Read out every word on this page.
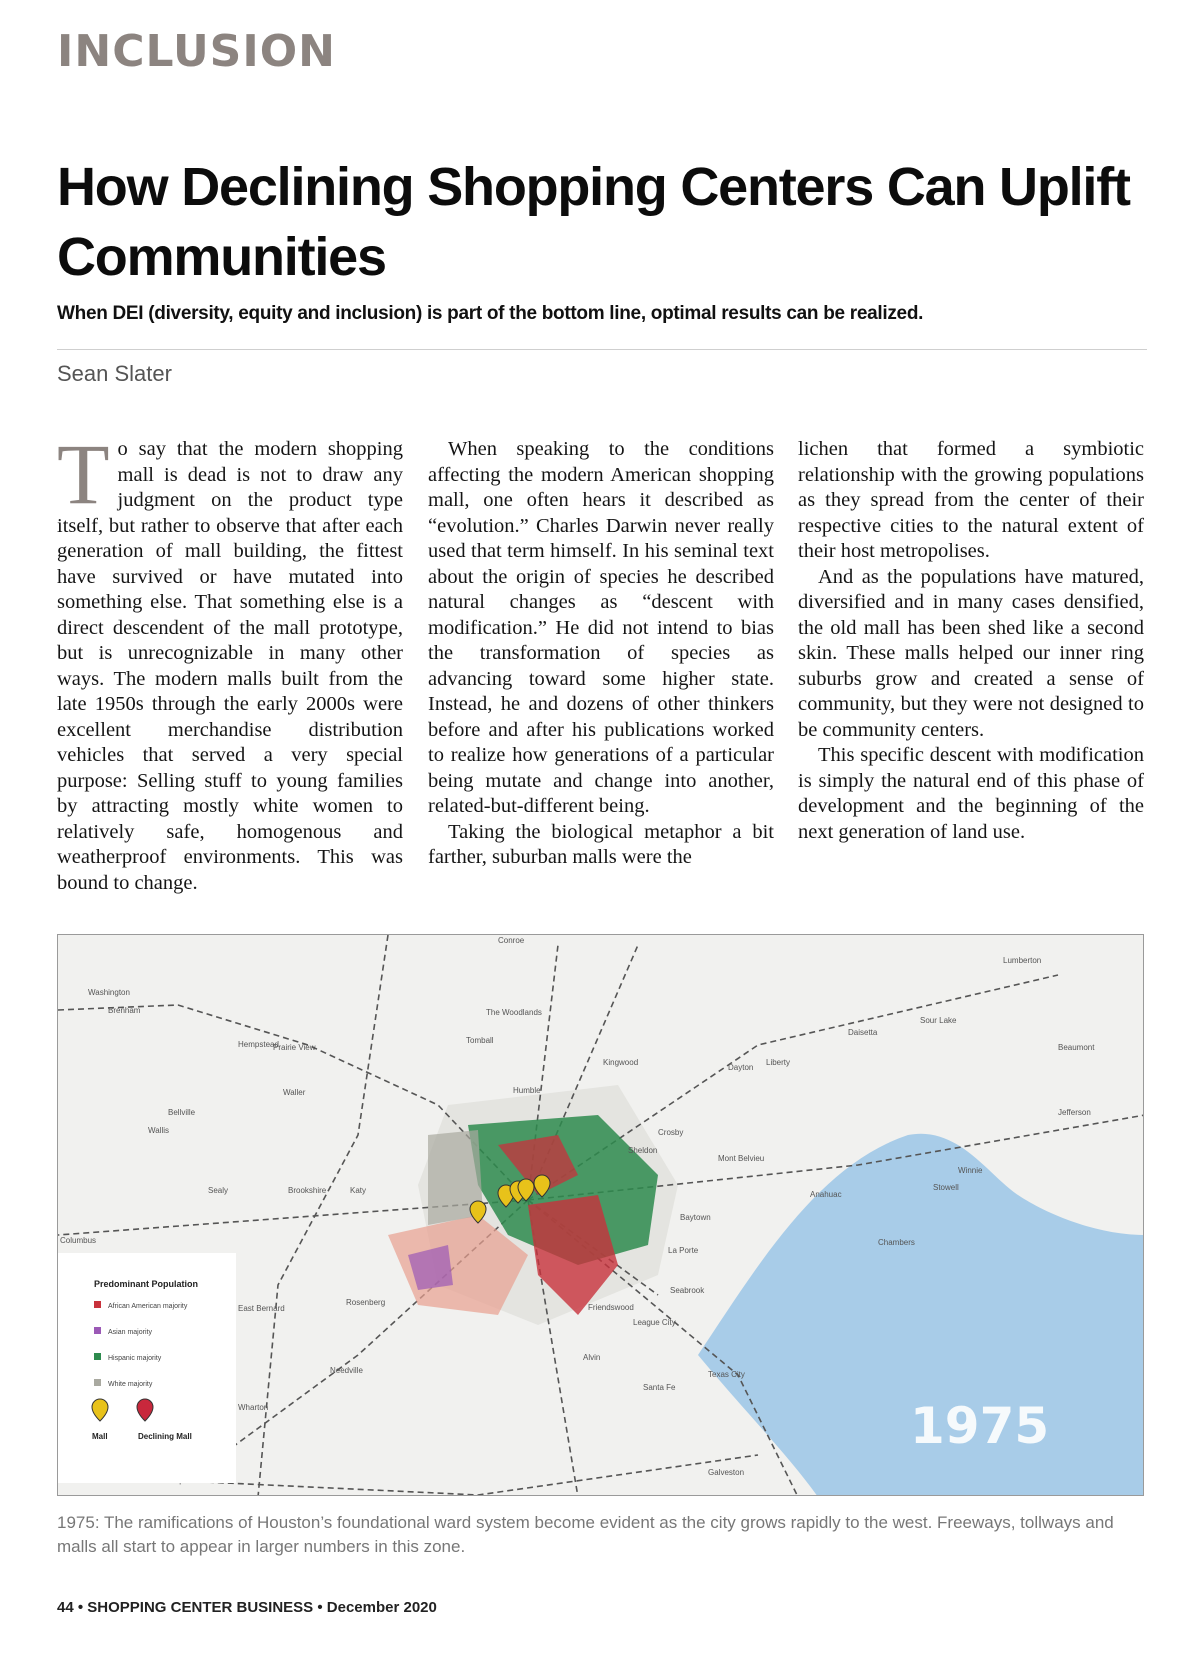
INCLUSION
How Declining Shopping Centers Can Uplift Communities
When DEI (diversity, equity and inclusion) is part of the bottom line, optimal results can be realized.
Sean Slater

To say that the modern shopping mall is dead is not to draw any judgment on the product type itself, but rather to observe that after each generation of mall building, the fittest have survived or have mutated into something else. That something else is a direct descendent of the mall prototype, but is unrecognizable in many other ways. The modern malls built from the late 1950s through the early 2000s were excellent merchandise distribution vehicles that served a very special purpose: Selling stuff to young families by attracting mostly white women to relatively safe, homogenous and weatherproof environments. This was bound to change.

When speaking to the conditions affecting the modern American shopping mall, one often hears it described as “evolution.” Charles Darwin never really used that term himself. In his seminal text about the origin of species he described natural changes as “descent with modification.” He did not intend to bias the transformation of species as advancing toward some higher state. Instead, he and dozens of other thinkers before and after his publications worked to realize how generations of a particular being mutate and change into another, related-but-different being.

Taking the biological metaphor a bit farther, suburban malls were the

lichen that formed a symbiotic relationship with the growing populations as they spread from the center of their respective cities to the natural extent of their host metropolises.

And as the populations have matured, diversified and in many cases densified, the old mall has been shed like a second skin. These malls helped our inner ring suburbs grow and created a sense of community, but they were not designed to be community centers.

This specific descent with modification is simply the natural end of this phase of development and the beginning of the next generation of land use.

Conroe
The Woodlands
Tomball
Kingwood
Humble
Dayton
Liberty
Daisetta
Sour Lake
Lumberton
Beaumont
Washington
Brenham
Hempstead
Prairie View
Waller
Bellville
Wallis
Sealy	Brookshire	Katy
Crosby
Sheldon
Baytown
Mont Belvieu
Anahuac
Winnie
Stowell
La Porte
Seabrook
League City
Friendswood
Rosenberg
Needville
East Bernard
Texas City
Santa Fe
Alvin
Wharton
Jefferson
Chambers
Galveston
Columbus
Predominant Population
African American majority
Asian majority
Hispanic majority
White majority
Mall	Declining Mall	1975
1975: The ramifications of Houston’s foundational ward system become evident as the city grows rapidly to the west. Freeways, tollways and malls all start to appear in larger numbers in this zone.
44 • SHOPPING CENTER BUSINESS • December 2020
